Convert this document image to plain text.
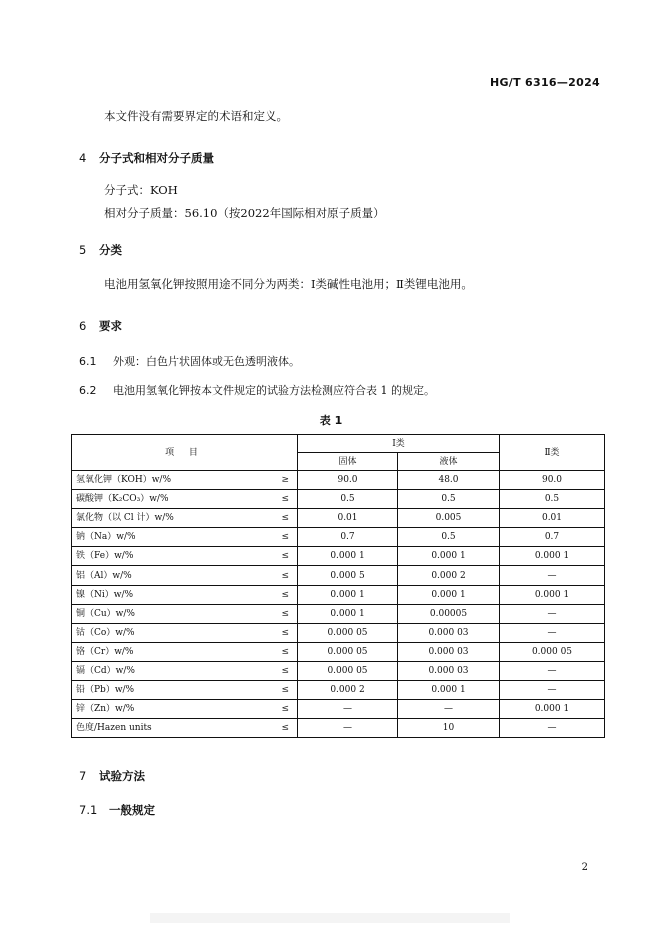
HG/T 6316—2024
本文件没有需要界定的术语和定义。
4 分子式和相对分子质量
分子式：KOH
相对分子质量：56.10（按2022年国际相对原子质量）
5 分类
电池用氢氧化钾按照用途不同分为两类：Ⅰ类碱性电池用；Ⅱ类锂电池用。
6 要求
6.1 外观：白色片状固体或无色透明液体。
6.2 电池用氢氧化钾按本文件规定的试验方法检测应符合表 1 的规定。
表 1
项 目		Ⅰ类		Ⅱ类
		固体	液体	
氢氧化钾（KOH）w/%	≥	90.0	48.0	90.0
碳酸钾（K₂CO₃）w/%	≤	0.5	0.5	0.5
氯化物（以 Cl 计）w/%	≤	0.01	0.005	0.01
钠（Na）w/%	≤	0.7	0.5	0.7
铁（Fe）w/%	≤	0.000 1	0.000 1	0.000 1
铝（Al）w/%	≤	0.000 5	0.000 2	—
镍（Ni）w/%	≤	0.000 1	0.000 1	0.000 1
铜（Cu）w/%	≤	0.000 1	0.00005	—
钴（Co）w/%	≤	0.000 05	0.000 03	—
铬（Cr）w/%	≤	0.000 05	0.000 03	0.000 05
镉（Cd）w/%	≤	0.000 05	0.000 03	—
铅（Pb）w/%	≤	0.000 2	0.000 1	—
锌（Zn）w/%	≤	—	—	0.000 1
色度/Hazen units	≤	—	10	—
7 试验方法
7.1 一般规定
2
